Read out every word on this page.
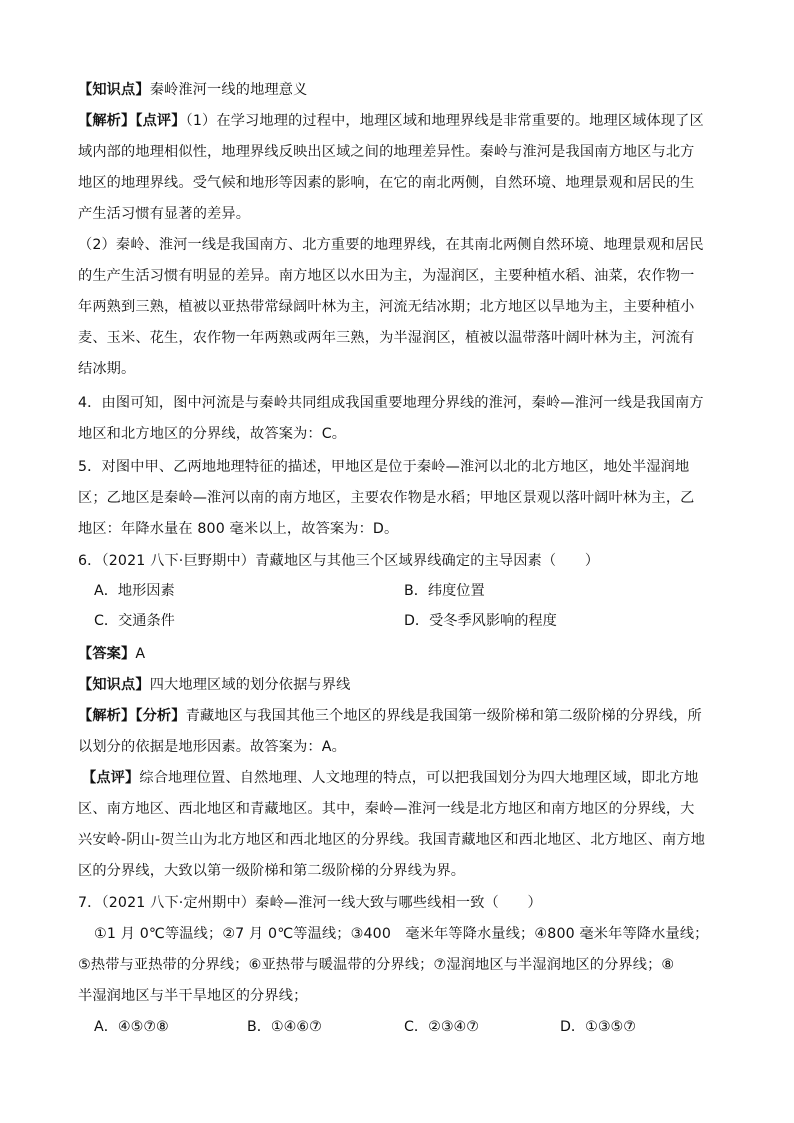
【知识点】秦岭淮河一线的地理意义
【解析】【点评】（1）在学习地理的过程中，地理区域和地理界线是非常重要的。地理区域体现了区
域内部的地理相似性，地理界线反映出区域之间的地理差异性。秦岭与淮河是我国南方地区与北方
地区的地理界线。受气候和地形等因素的影响，在它的南北两侧，自然环境、地理景观和居民的生
产生活习惯有显著的差异。
（2）秦岭、淮河一线是我国南方、北方重要的地理界线，在其南北两侧自然环境、地理景观和居民
的生产生活习惯有明显的差异。南方地区以水田为主，为湿润区，主要种植水稻、油菜，农作物一
年两熟到三熟，植被以亚热带常绿阔叶林为主，河流无结冰期；北方地区以旱地为主，主要种植小
麦、玉米、花生，农作物一年两熟或两年三熟，为半湿润区，植被以温带落叶阔叶林为主，河流有
结冰期。
4．由图可知，图中河流是与秦岭共同组成我国重要地理分界线的淮河，秦岭—淮河一线是我国南方
地区和北方地区的分界线，故答案为：C。
5．对图中甲、乙两地地理特征的描述，甲地区是位于秦岭—淮河以北的北方地区，地处半湿润地
区；乙地区是秦岭—淮河以南的南方地区，主要农作物是水稻；甲地区景观以落叶阔叶林为主，乙
地区：年降水量在 800 毫米以上，故答案为：D。
6．（2021 八下·巨野期中）青藏地区与其他三个区域界线确定的主导因素（　　）
A．地形因素	B．纬度位置
C．交通条件	D．受冬季风影响的程度
【答案】A
【知识点】四大地理区域的划分依据与界线
【解析】【分析】青藏地区与我国其他三个地区的界线是我国第一级阶梯和第二级阶梯的分界线，所
以划分的依据是地形因素。故答案为：A。
【点评】综合地理位置、自然地理、人文地理的特点，可以把我国划分为四大地理区域，即北方地
区、南方地区、西北地区和青藏地区。其中，秦岭—淮河一线是北方地区和南方地区的分界线，大
兴安岭-阴山-贺兰山为北方地区和西北地区的分界线。我国青藏地区和西北地区、北方地区、南方地
区的分界线，大致以第一级阶梯和第二级阶梯的分界线为界。
7．（2021 八下·定州期中）秦岭—淮河一线大致与哪些线相一致（　　）
①1 月 0℃等温线；②7 月 0℃等温线；③400　毫米年等降水量线；④800 毫米年等降水量线；
⑤热带与亚热带的分界线；⑥亚热带与暖温带的分界线；⑦湿润地区与半湿润地区的分界线；⑧
半湿润地区与半干旱地区的分界线；
A．④⑤⑦⑧	B．①④⑥⑦	C．②③④⑦	D．①③⑤⑦
